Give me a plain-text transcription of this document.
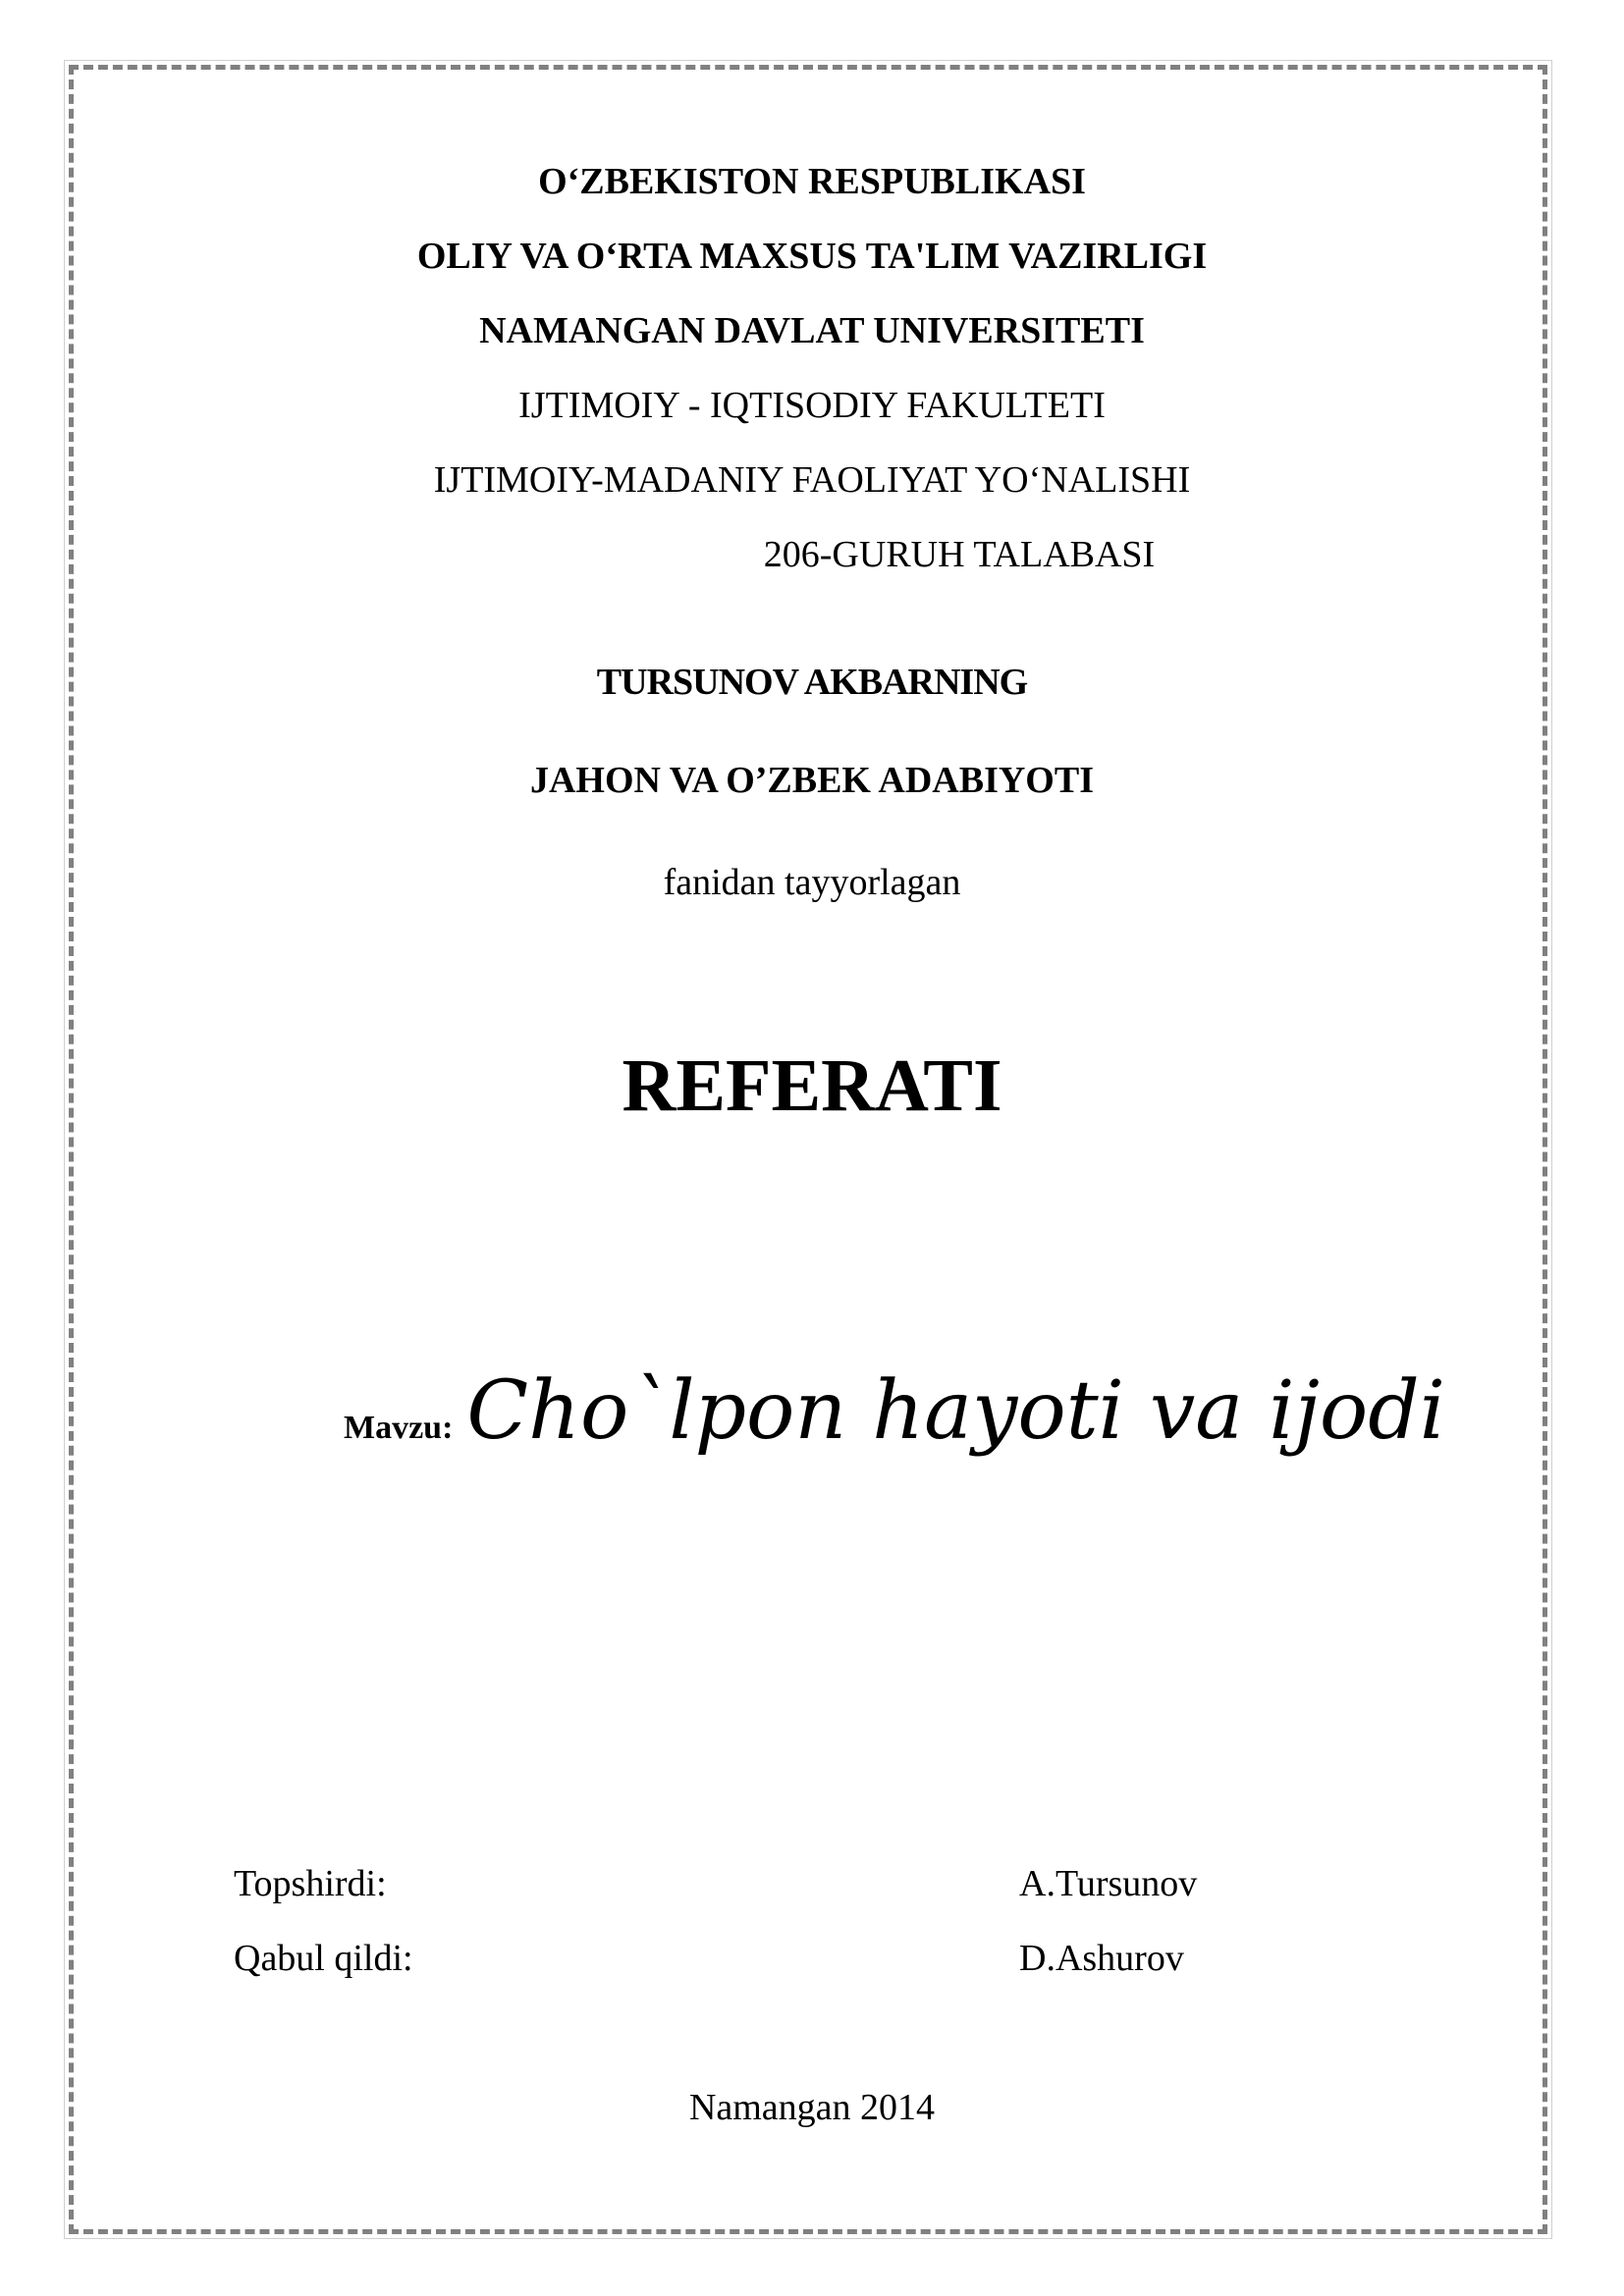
O‘ZBEKISTON RESPUBLIKASI
OLIY VA O‘RTA MAXSUS TA'LIM VAZIRLIGI
NAMANGAN DAVLAT UNIVERSITETI
IJTIMOIY - IQTISODIY FAKULTETI
IJTIMOIY-MADANIY FAOLIYAT YO‘NALISHI
206-GURUH TALABASI
TURSUNOV AKBARNING
JAHON VA O’ZBEK ADABIYOTI
fanidan tayyorlagan
REFERATI
Mavzu: Cho`lpon hayoti va ijodi
Topshirdi:	A.Tursunov
Qabul qildi:	D.Ashurov
Namangan 2014
